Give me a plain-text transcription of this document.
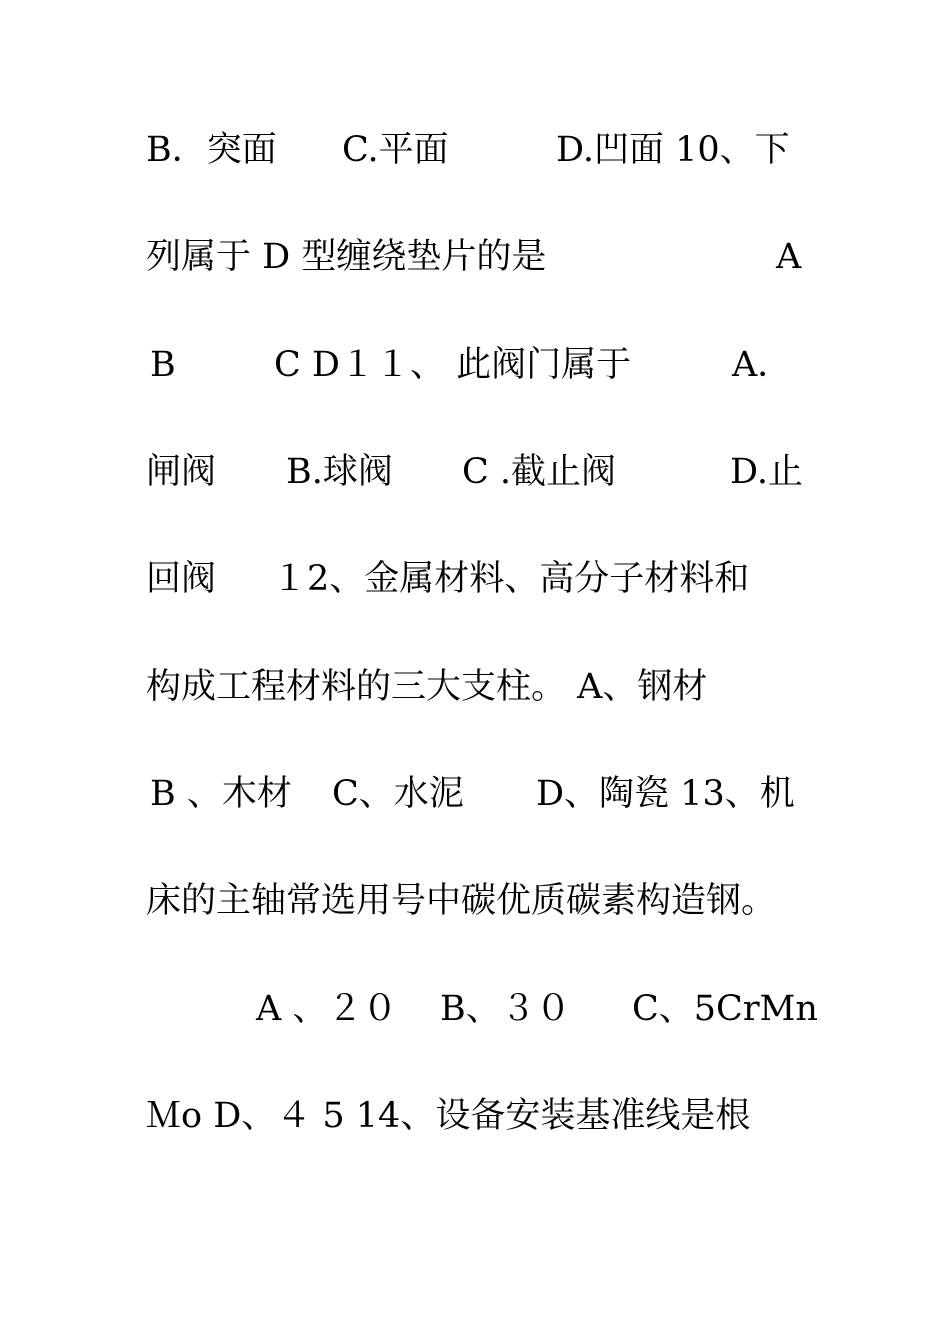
B．突面

C.平面

	D.凹面 10、下

列属于 D 型缠绕垫片的是

	A

B

	C D１１、 此阀门属于

	A．

闸阀

B.球阀

C .截止阀

	D.止

回阀

１2、金属材料、高分子材料和

构成工程材料的三大支柱。 A、钢材

B 、木材

C、水泥

D、陶瓷 13、机

床的主轴常选用号中碳优质碳素构造钢。

A 、２０

B、３０

C、5CrMn

Ｍo D、４ 5 14、设备安装基准线是根
